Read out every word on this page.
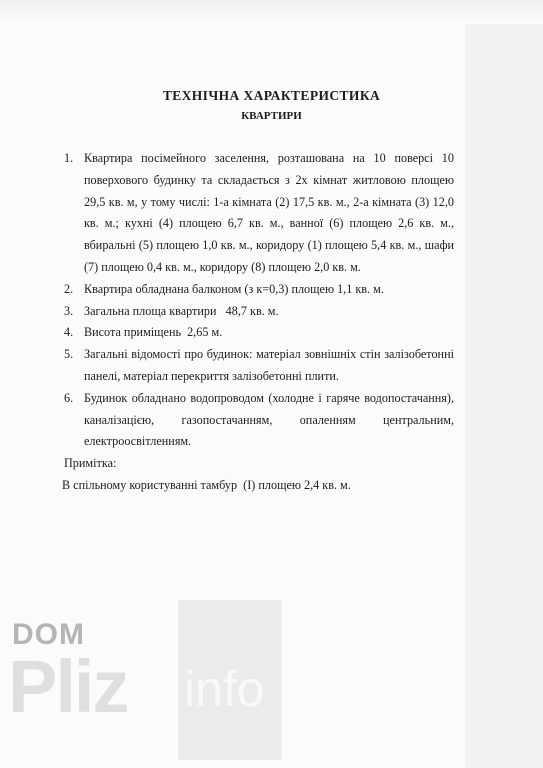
ТЕХНІЧНА ХАРАКТЕРИСТИКА
КВАРТИРИ
1. Квартира посімейного заселення, розташована на 10 поверсі 10 поверхового будинку та складається з 2х кімнат житловою площею 29,5 кв. м, у тому числі: 1-а кімната (2) 17,5 кв. м., 2-а кімната (3) 12,0 кв. м.; кухні (4) площею 6,7 кв. м., ванної (6) площею 2,6 кв. м., вбиральні (5) площею 1,0 кв. м., коридору (1) площею 5,4 кв. м., шафи (7) площею 0,4 кв. м., коридору (8) площею 2,0 кв. м.
2. Квартира обладнана балконом (з к=0,3) площею 1,1 кв. м.
3. Загальна площа квартири   48,7 кв. м.
4. Висота приміщень  2,65 м.
5. Загальні відомості про будинок: матеріал зовнішніх стін залізобетонні панелі, матеріал перекриття залізобетонні плити.
6. Будинок обладнано водопроводом (холодне і гаряче водопостачання), каналізацією, газопостачанням, опаленням центральним, електроосвітленням.
Примітка:
В спільному користуванні тамбур  (І) площею 2,4 кв. м.
DOM
Pliz info
